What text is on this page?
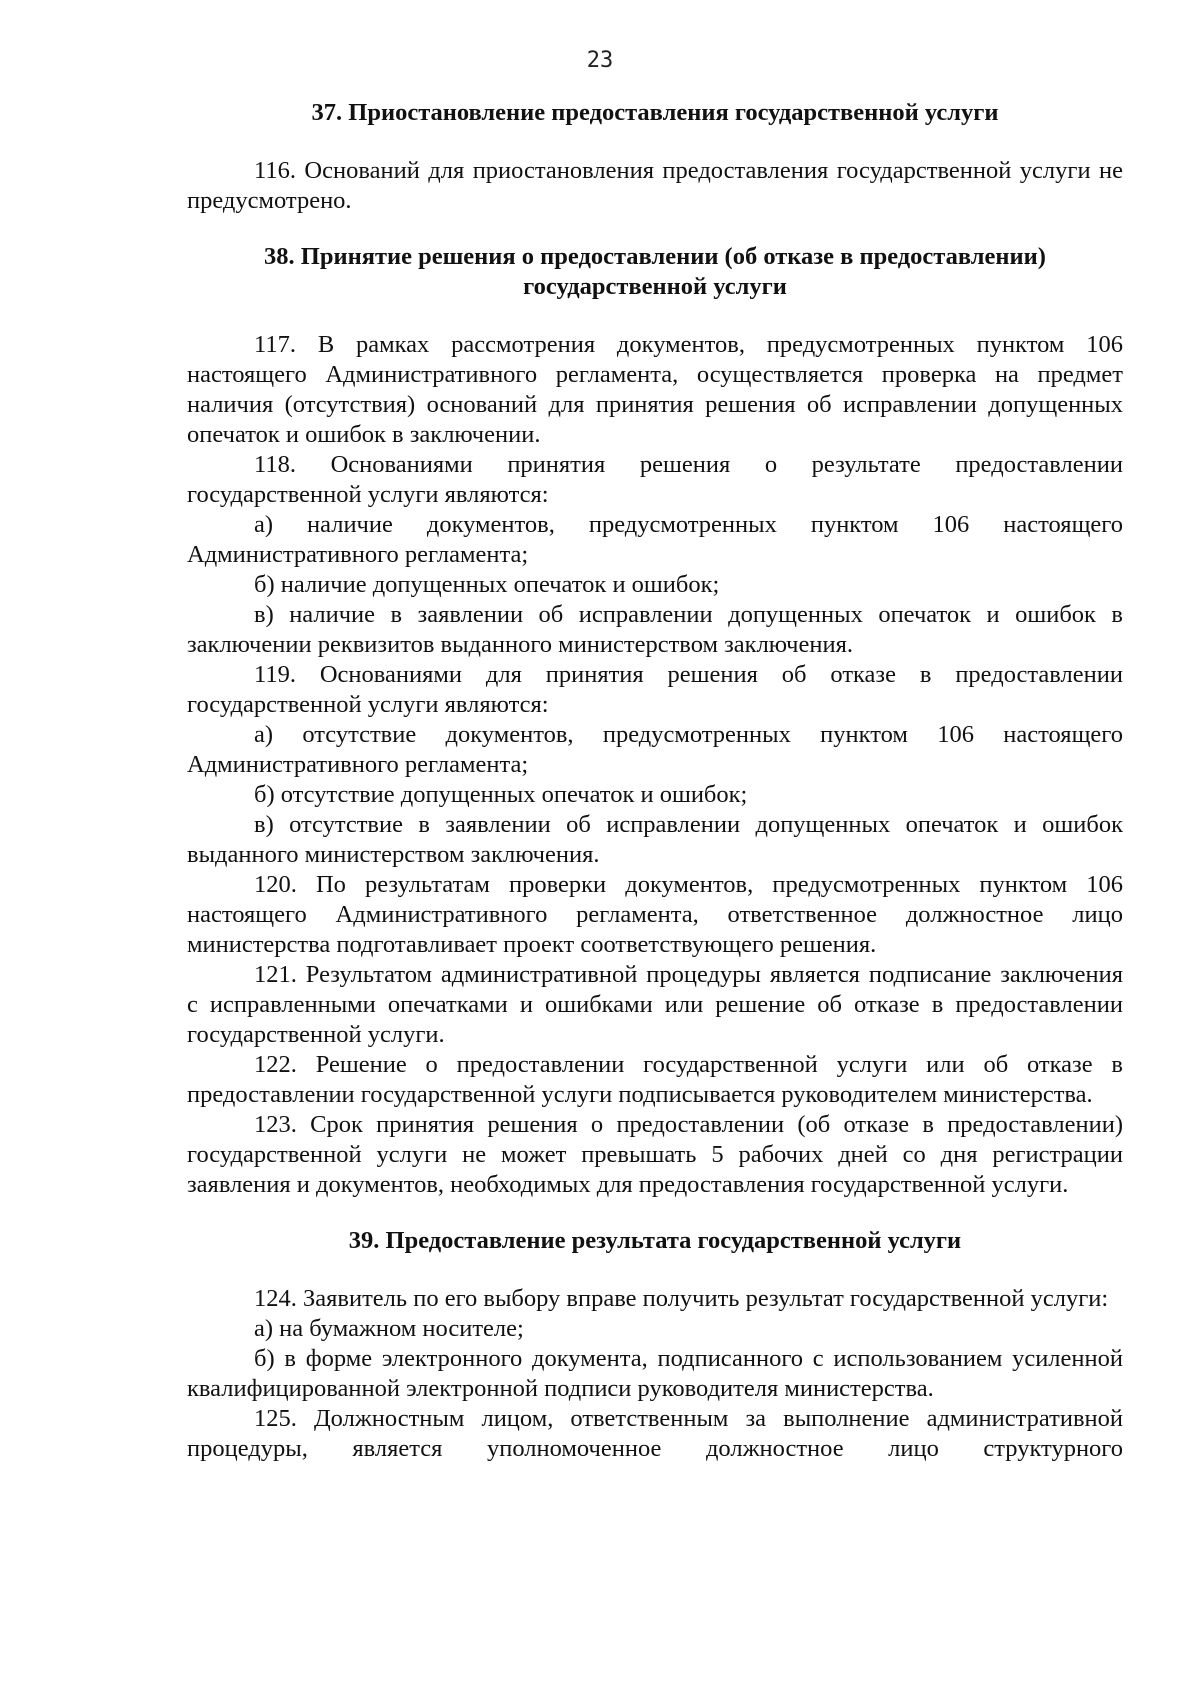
23
37. Приостановление предоставления государственной услуги

116. Оснований для приостановления предоставления государственной услуги не предусмотрено.

38. Принятие решения о предоставлении (об отказе в предоставлении)
государственной услуги

117. В рамках рассмотрения документов, предусмотренных пунктом 106 настоящего Административного регламента, осуществляется проверка на предмет наличия (отсутствия) оснований для принятия решения об исправлении допущенных опечаток и ошибок в заключении.

118. Основаниями принятия решения о результате предоставлении государственной услуги являются:

а) наличие документов, предусмотренных пунктом 106 настоящего Административного регламента;

б) наличие допущенных опечаток и ошибок;

в) наличие в заявлении об исправлении допущенных опечаток и ошибок в заключении реквизитов выданного министерством заключения.

119. Основаниями для принятия решения об отказе в предоставлении государственной услуги являются:

а) отсутствие документов, предусмотренных пунктом 106 настоящего Административного регламента;

б) отсутствие допущенных опечаток и ошибок;

в) отсутствие в заявлении об исправлении допущенных опечаток и ошибок выданного министерством заключения.

120. По результатам проверки документов, предусмотренных пунктом 106 настоящего Административного регламента, ответственное должностное лицо министерства подготавливает проект соответствующего решения.

121. Результатом административной процедуры является подписание заключения с исправленными опечатками и ошибками или решение об отказе в предоставлении государственной услуги.

122. Решение о предоставлении государственной услуги или об отказе в предоставлении государственной услуги подписывается руководителем министерства.

123. Срок принятия решения о предоставлении (об отказе в предоставлении) государственной услуги не может превышать 5 рабочих дней со дня регистрации заявления и документов, необходимых для предоставления государственной услуги.

39. Предоставление результата государственной услуги

124. Заявитель по его выбору вправе получить результат государственной услуги:

а) на бумажном носителе;

б) в форме электронного документа, подписанного с использованием усиленной квалифицированной электронной подписи руководителя министерства.

125. Должностным лицом, ответственным за выполнение административной процедуры, является уполномоченное должностное лицо структурного
